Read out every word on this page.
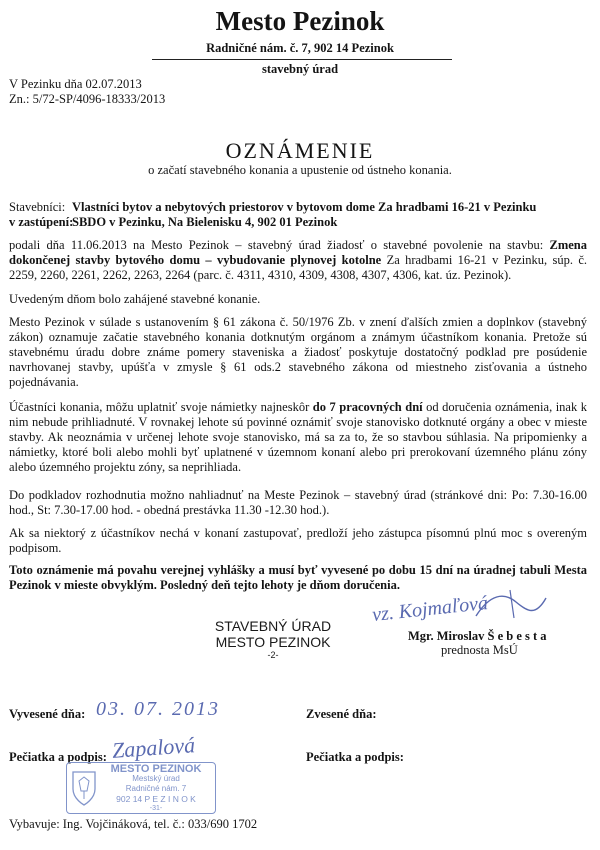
Mesto Pezinok
Radničné nám. č. 7, 902 14 Pezinok
stavebný úrad
V Pezinku dňa 02.07.2013
Zn.: 5/72-SP/4096-18333/2013
OZNÁMENIE
o začatí stavebného konania a upustenie od ústneho konania.
Stavebníci: Vlastníci bytov a nebytových priestorov v bytovom dome Za hradbami 16-21 v Pezinku
v zastúpení:SBDO v Pezinku, Na Bielenisku 4, 902 01 Pezinok
podali dňa 11.06.2013 na Mesto Pezinok – stavebný úrad žiadosť o stavebné povolenie na stavbu: Zmena dokončenej stavby bytového domu – vybudovanie plynovej kotolne Za hradbami 16-21 v Pezinku, súp. č. 2259, 2260, 2261, 2262, 2263, 2264 (parc. č. 4311, 4310, 4309, 4308, 4307, 4306, kat. úz. Pezinok).
Uvedeným dňom bolo zahájené stavebné konanie.
Mesto Pezinok v súlade s ustanovením § 61 zákona č. 50/1976 Zb. v znení ďalších zmien a doplnkov (stavebný zákon) oznamuje začatie stavebného konania dotknutým orgánom a známym účastníkom konania. Pretože sú stavebnému úradu dobre známe pomery staveniska a žiadosť poskytuje dostatočný podklad pre posúdenie navrhovanej stavby, upúšťa v zmysle § 61 ods.2 stavebného zákona od miestneho zisťovania a ústneho pojednávania.
Účastníci konania, môžu uplatniť svoje námietky najneskôr do 7 pracovných dní od doručenia oznámenia, inak k nim nebude prihliadnuté. V rovnakej lehote sú povinné oznámiť svoje stanovisko dotknuté orgány a obec v mieste stavby. Ak neoznámia v určenej lehote svoje stanovisko, má sa za to, že so stavbou súhlasia. Na pripomienky a námietky, ktoré boli alebo mohli byť uplatnené v územnom konaní alebo pri prerokovaní územného plánu zóny alebo územného projektu zóny, sa neprihliada.
Do podkladov rozhodnutia možno nahliadnuť na Meste Pezinok – stavebný úrad (stránkové dni: Po: 7.30-16.00 hod., St: 7.30-17.00 hod. - obedná prestávka 11.30 -12.30 hod.).
Ak sa niektorý z účastníkov nechá v konaní zastupovať, predloží jeho zástupca písomnú plnú moc s overeným podpisom.
Toto oznámenie má povahu verejnej vyhlášky a musí byť vyvesené po dobu 15 dní na úradnej tabuli Mesta Pezinok v mieste obvyklým. Posledný deň tejto lehoty je dňom doručenia.
STAVEBNÝ ÚRAD
MESTO PEZINOK
-2-
vz. Kojmaľová
Mgr. Miroslav Š e b e s t a
prednosta MsÚ
Vyvesené dňa: 03. 07. 2013	Zvesené dňa:
Pečiatka a podpis: Zapalová	Pečiatka a podpis:
MESTO PEZINOK
Mestský úrad
Radničné nám. 7
902 14 P E Z I N O K
-31-
Vybavuje: Ing. Vojčináková, tel. č.: 033/690 1702
